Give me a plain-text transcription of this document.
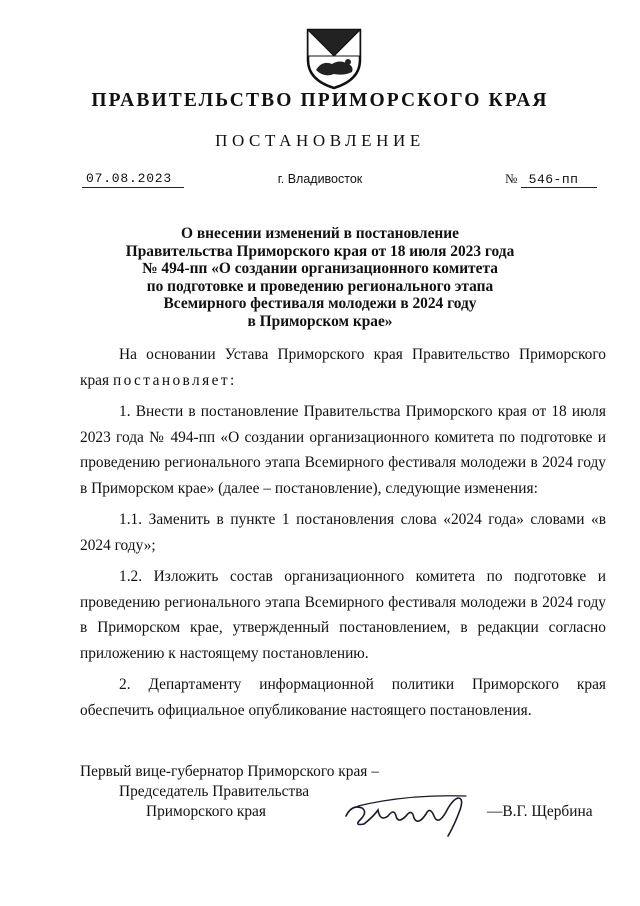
ПРАВИТЕЛЬСТВО ПРИМОРСКОГО КРАЯ
ПОСТАНОВЛЕНИЕ
07.08.2023	г. Владивосток	№ 546-пп
О внесении изменений в постановление
Правительства Приморского края от 18 июля 2023 года
№ 494-пп «О создании организационного комитета
по подготовке и проведению регионального этапа
Всемирного фестиваля молодежи в 2024 году
в Приморском крае»

На основании Устава Приморского края Правительство Приморского края постановляет:

1. Внести в постановление Правительства Приморского края от 18 июля 2023 года № 494-пп «О создании организационного комитета по подготовке и проведению регионального этапа Всемирного фестиваля молодежи в 2024 году в Приморском крае» (далее – постановление), следующие изменения:

1.1. Заменить в пункте 1 постановления слова «2024 года» словами «в 2024 году»;

1.2. Изложить состав организационного комитета по подготовке и проведению регионального этапа Всемирного фестиваля молодежи в 2024 году в Приморском крае, утвержденный постановлением, в редакции согласно приложению к настоящему постановлению.

2. Департаменту информационной политики Приморского края обеспечить официальное опубликование настоящего постановления.

Первый вице-губернатор Приморского края –
Председатель Правительства
Приморского края	—В.Г. Щербина
